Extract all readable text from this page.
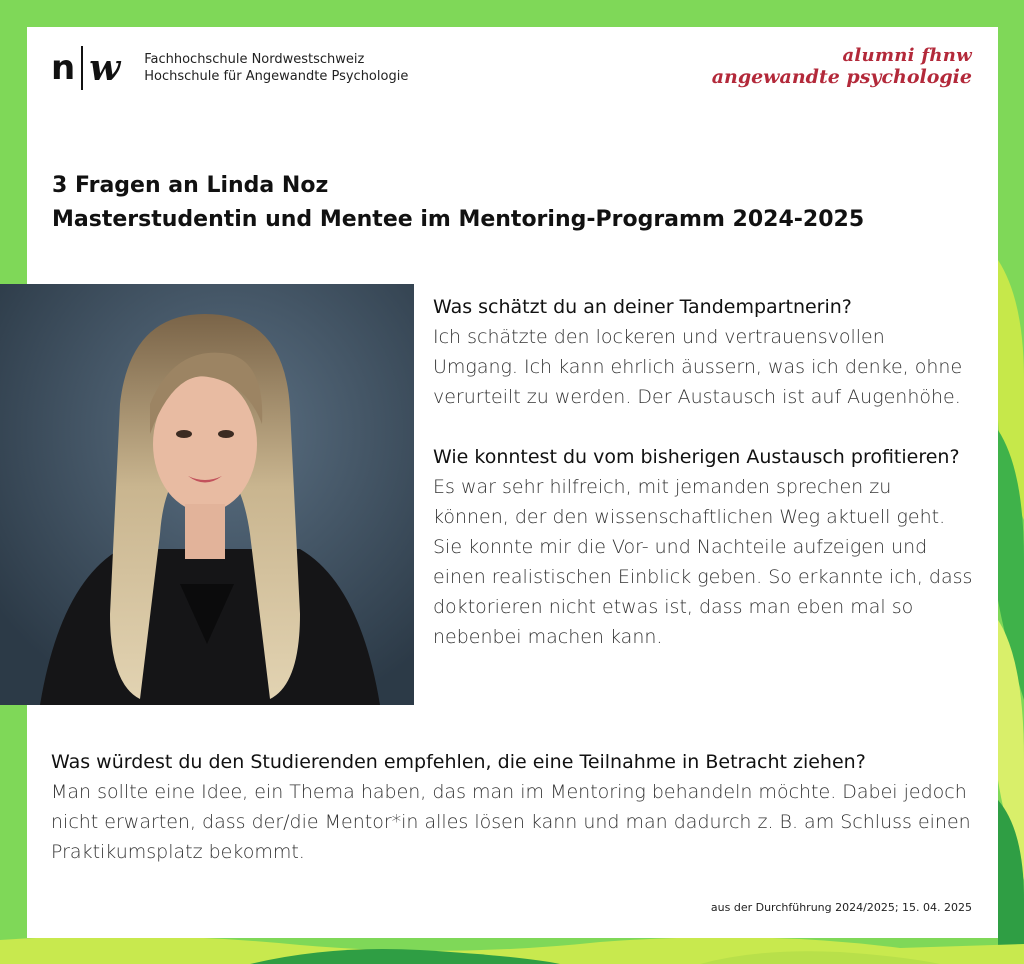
n w Fachhochschule Nordwestschweiz
Hochschule für Angewandte Psychologie
alumni fhnw
angewandte psychologie
3 Fragen an Linda Noz
Masterstudentin und Mentee im Mentoring-Programm 2024-2025
Was schätzt du an deiner Tandempartnerin?
Ich schätzte den lockeren und vertrauensvollen Umgang. Ich kann ehrlich äussern, was ich denke, ohne verurteilt zu werden. Der Austausch ist auf Augenhöhe.
Wie konntest du vom bisherigen Austausch profitieren?
Es war sehr hilfreich, mit jemanden sprechen zu können, der den wissenschaftlichen Weg aktuell geht. Sie konnte mir die Vor- und Nachteile aufzeigen und einen realistischen Einblick geben. So erkannte ich, dass doktorieren nicht etwas ist, dass man eben mal so nebenbei machen kann.
Was würdest du den Studierenden empfehlen, die eine Teilnahme in Betracht ziehen?
Man sollte eine Idee, ein Thema haben, das man im Mentoring behandeln möchte. Dabei jedoch nicht erwarten, dass der/die Mentor*in alles lösen kann und man dadurch z. B. am Schluss einen Praktikumsplatz bekommt.
aus der Durchführung 2024/2025; 15. 04. 2025
